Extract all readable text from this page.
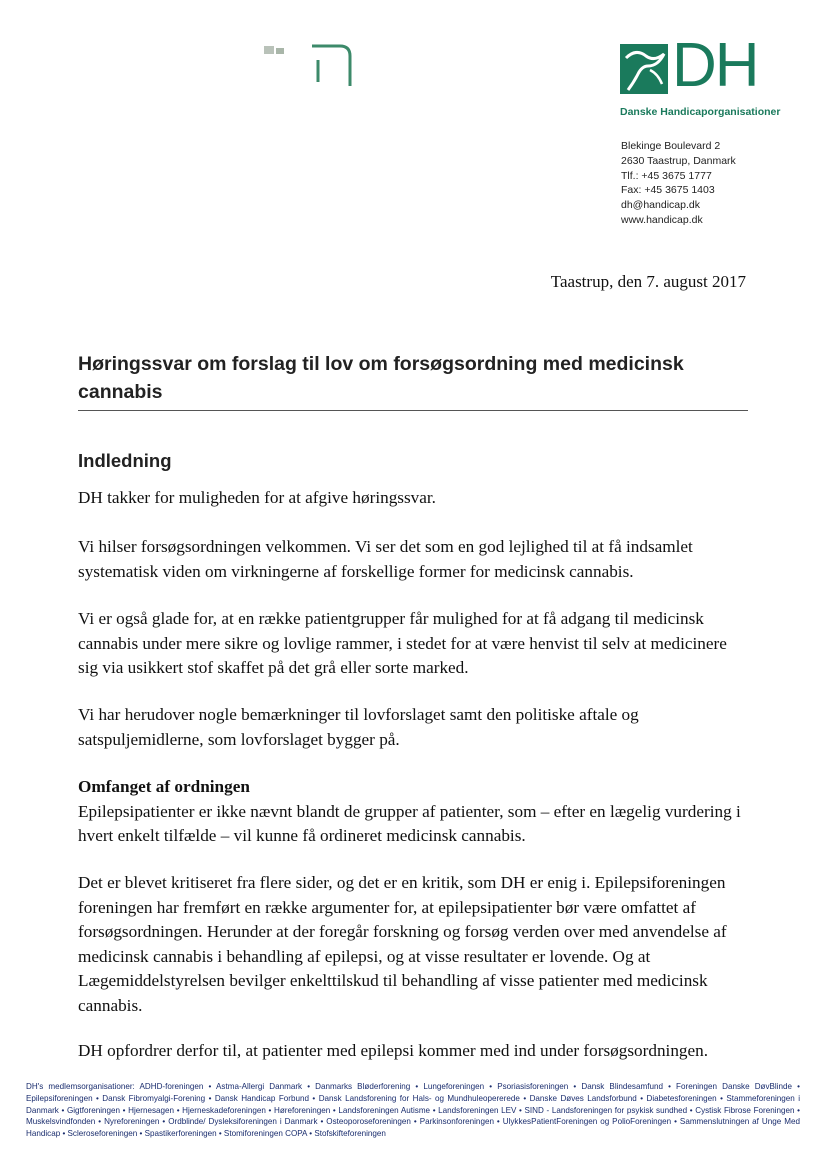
DH
Danske Handicaporganisationer
Blekinge Boulevard 2
2630 Taastrup, Danmark
Tlf.: +45 3675 1777
Fax: +45 3675 1403
dh@handicap.dk
www.handicap.dk
Taastrup, den 7. august 2017
Høringssvar om forslag til lov om forsøgsordning med medicinsk cannabis
Indledning
DH takker for muligheden for at afgive høringssvar.
Vi hilser forsøgsordningen velkommen. Vi ser det som en god lejlighed til at få indsamlet systematisk viden om virkningerne af forskellige former for medicinsk cannabis.
Vi er også glade for, at en række patientgrupper får mulighed for at få adgang til medicinsk cannabis under mere sikre og lovlige rammer, i stedet for at være henvist til selv at medicinere sig via usikkert stof skaffet på det grå eller sorte marked.
Vi har herudover nogle bemærkninger til lovforslaget samt den politiske aftale og satspuljemidlerne, som lovforslaget bygger på.
Omfanget af ordningen
Epilepsipatienter er ikke nævnt blandt de grupper af patienter, som – efter en lægelig vurdering i hvert enkelt tilfælde – vil kunne få ordineret medicinsk cannabis.
Det er blevet kritiseret fra flere sider, og det er en kritik, som DH er enig i. Epilepsiforeningen foreningen har fremført en række argumenter for, at epilepsipatienter bør være omfattet af forsøgsordningen. Herunder at der foregår forskning og forsøg verden over med anvendelse af medicinsk cannabis i behandling af epilepsi, og at visse resultater er lovende. Og at Lægemiddelstyrelsen bevilger enkelttilskud til behandling af visse patienter med medicinsk cannabis.
DH opfordrer derfor til, at patienter med epilepsi kommer med ind under forsøgsordningen.
DH's medlemsorganisationer: ADHD-foreningen • Astma-Allergi Danmark • Danmarks Bløderforening • Lungeforeningen • Psoriasisforeningen • Dansk Blindesamfund • Foreningen Danske DøvBlinde • Epilepsiforeningen • Dansk Fibromyalgi-Forening • Dansk Handicap Forbund • Dansk Landsforening for Hals- og Mundhuleopererede • Danske Døves Landsforbund • Diabetesforeningen • Stammeforeningen i Danmark • Gigtforeningen • Hjernesagen • Hjerneskadeforeningen • Høreforeningen • Landsforeningen Autisme • Landsforeningen LEV • SIND - Landsforeningen for psykisk sundhed • Cystisk Fibrose Foreningen • Muskelsvindfonden • Nyreforeningen • Ordblinde/ Dysleksiforeningen i Danmark • Osteoporoseforeningen • Parkinsonforeningen • UlykkesPatientForeningen og PolioForeningen • Sammenslutningen af Unge Med Handicap • Scleroseforeningen • Spastikerforeningen • Stomiforeningen COPA • Stofskifteforeningen
